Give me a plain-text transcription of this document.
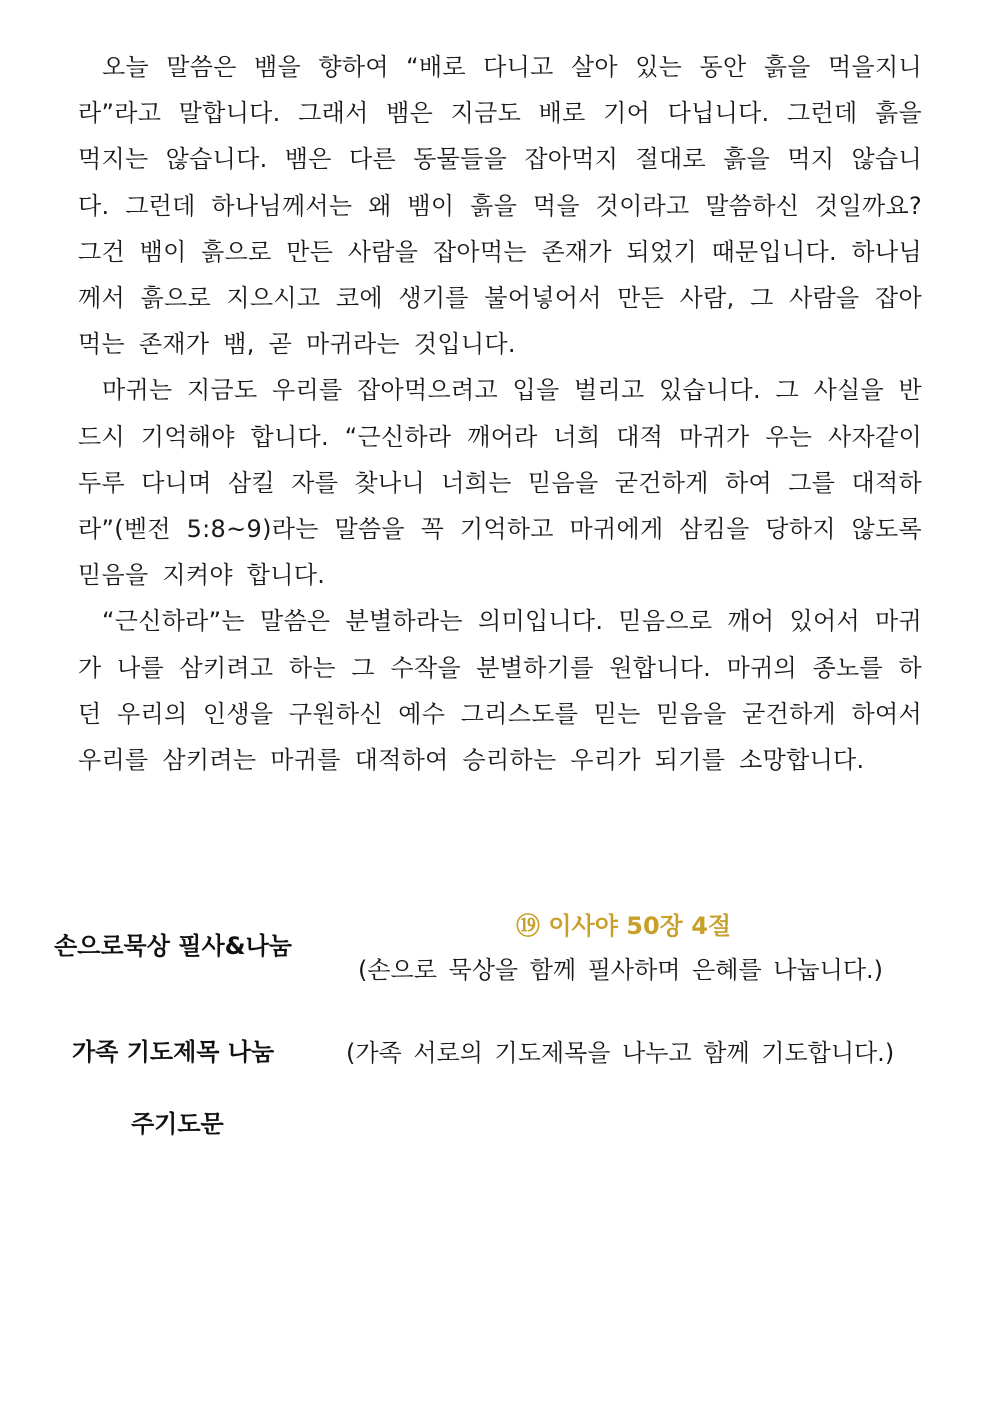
오늘 말씀은 뱀을 향하여 “배로 다니고 살아 있는 동안 흙을 먹을지니라”라고 말합니다. 그래서 뱀은 지금도 배로 기어 다닙니다. 그런데 흙을 먹지는 않습니다. 뱀은 다른 동물들을 잡아먹지 절대로 흙을 먹지 않습니다. 그런데 하나님께서는 왜 뱀이 흙을 먹을 것이라고 말씀하신 것일까요? 그건 뱀이 흙으로 만든 사람을 잡아먹는 존재가 되었기 때문입니다. 하나님께서 흙으로 지으시고 코에 생기를 불어넣어서 만든 사람, 그 사람을 잡아먹는 존재가 뱀, 곧 마귀라는 것입니다.

마귀는 지금도 우리를 잡아먹으려고 입을 벌리고 있습니다. 그 사실을 반드시 기억해야 합니다. “근신하라 깨어라 너희 대적 마귀가 우는 사자같이 두루 다니며 삼킬 자를 찾나니 너희는 믿음을 굳건하게 하여 그를 대적하라”(벧전 5:8~9)라는 말씀을 꼭 기억하고 마귀에게 삼킴을 당하지 않도록 믿음을 지켜야 합니다.

“근신하라”는 말씀은 분별하라는 의미입니다. 믿음으로 깨어 있어서 마귀가 나를 삼키려고 하는 그 수작을 분별하기를 원합니다. 마귀의 종노를 하던 우리의 인생을 구원하신 예수 그리스도를 믿는 믿음을 굳건하게 하여서 우리를 삼키려는 마귀를 대적하여 승리하는 우리가 되기를 소망합니다.

손으로묵상 필사&나눔
⑲ 이사야 50장 4절
(손으로 묵상을 함께 필사하며 은혜를 나눕니다.)
가족 기도제목 나눔	(가족 서로의 기도제목을 나누고 함께 기도합니다.)
주기도문
